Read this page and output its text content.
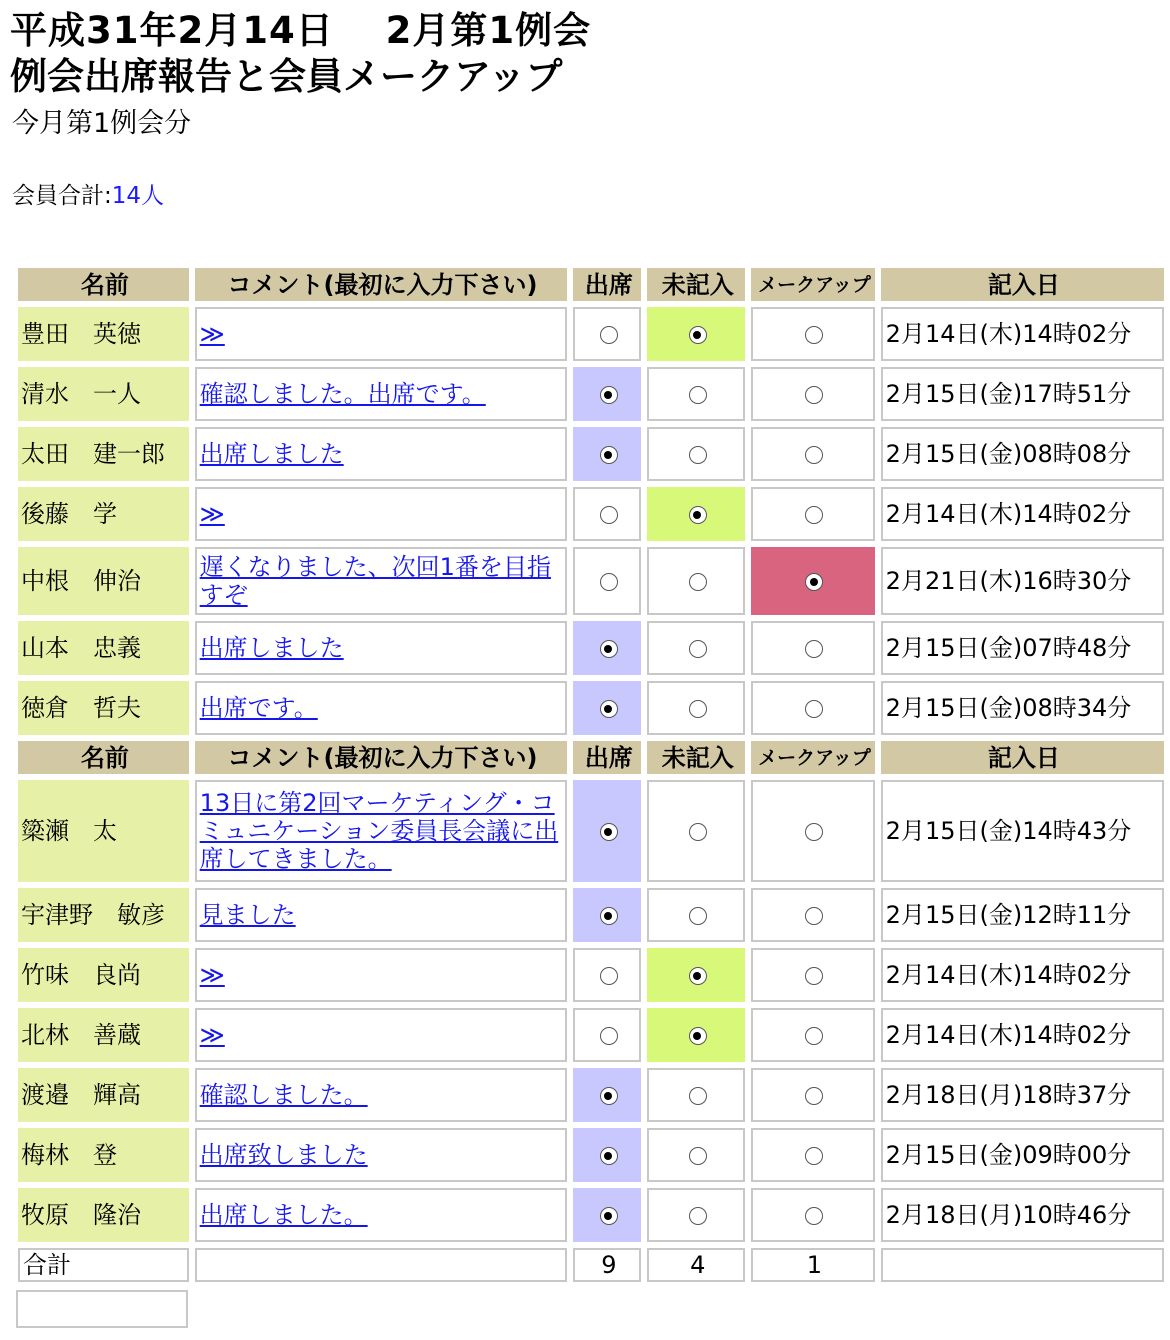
平成31年2月14日　 2月第1例会
例会出席報告と会員メークアップ
今月第1例会分
会員合計:14人
名前	コメント(最初に入力下さい)	出席	未記入	メークアップ	記入日
豊田　英徳	≫				2月14日(木)14時02分
清水　一人	確認しました。出席です。				2月15日(金)17時51分
太田　建一郎	出席しました				2月15日(金)08時08分
後藤　学	≫				2月14日(木)14時02分
中根　伸治	遅くなりました、次回1番を目指すぞ				2月21日(木)16時30分
山本　忠義	出席しました				2月15日(金)07時48分
徳倉　哲夫	出席です。				2月15日(金)08時34分
名前	コメント(最初に入力下さい)	出席	未記入	メークアップ	記入日
簗瀬　太	13日に第2回マーケティング・コミュニケーション委員長会議に出席してきました。				2月15日(金)14時43分
宇津野　敏彦	見ました				2月15日(金)12時11分
竹味　良尚	≫				2月14日(木)14時02分
北林　善蔵	≫				2月14日(木)14時02分
渡邉　輝高	確認しました。				2月18日(月)18時37分
梅林　登	出席致しました				2月15日(金)09時00分
牧原　隆治	出席しました。				2月18日(月)10時46分
合計		9	4	1	
